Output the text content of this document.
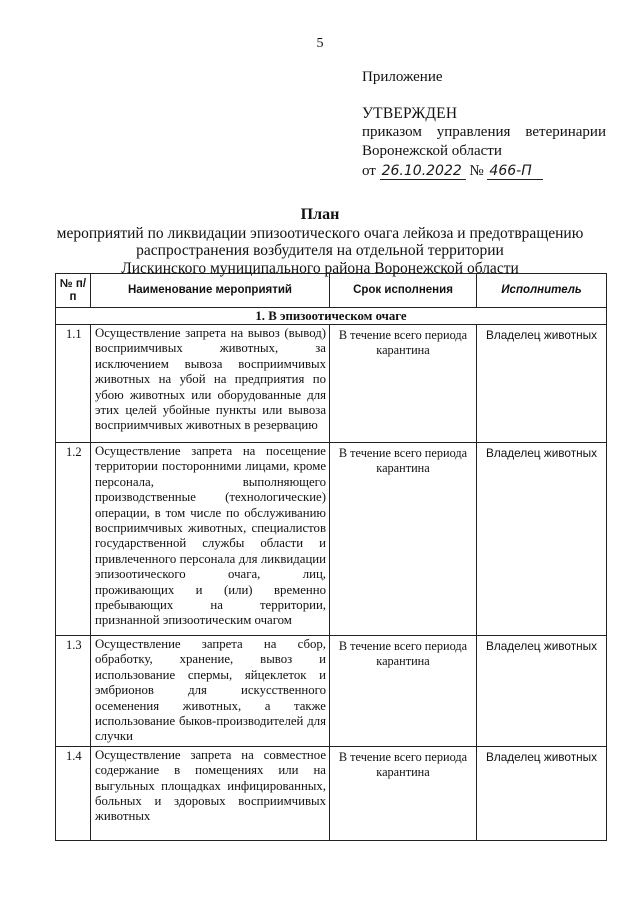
5
Приложение
УТВЕРЖДЕН
приказом управления ветеринарии
Воронежской области
от 26.10.2022 № 466-П
План
мероприятий по ликвидации эпизоотического очага лейкоза и предотвращению
распространения возбудителя на отдельной территории
Лискинского муниципального района Воронежской области
№ п/п	Наименование мероприятий	Срок исполнения	Исполнитель
1. В эпизоотическом очаге			
1.1	Осуществление запрета на вывоз (вывод) восприимчивых животных, за исключением вывоза восприимчивых животных на убой на предприятия по убою животных или оборудованные для этих целей убойные пункты или вывоза восприимчивых животных в резервацию	В течение всего периода карантина	Владелец животных
1.2	Осуществление запрета на посещение территории посторонними лицами, кроме персонала, выполняющего производственные (технологические) операции, в том числе по обслуживанию восприимчивых животных, специалистов государственной службы области и привлеченного персонала для ликвидации эпизоотического очага, лиц, проживающих и (или) временно пребывающих на территории, признанной эпизоотическим очагом	В течение всего периода карантина	Владелец животных
1.3	Осуществление запрета на сбор, обработку, хранение, вывоз и использование спермы, яйцеклеток и эмбрионов для искусственного осеменения животных, а также использование быков-производителей для случки	В течение всего периода карантина	Владелец животных
1.4	Осуществление запрета на совместное содержание в помещениях или на выгульных площадках инфицированных, больных и здоровых восприимчивых животных	В течение всего периода карантина	Владелец животных
